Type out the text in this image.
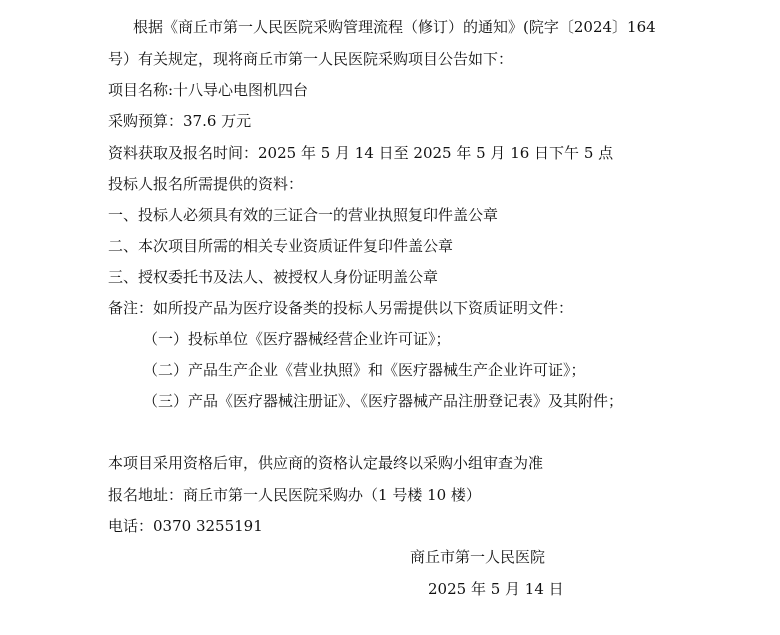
根据《商丘市第一人民医院采购管理流程（修订）的通知》(院字〔2024〕164
号）有关规定，现将商丘市第一人民医院采购项目公告如下：
项目名称:十八导心电图机四台
采购预算：37.6 万元
资料获取及报名时间：2025 年 5 月 14 日至 2025 年 5 月 16 日下午 5 点
投标人报名所需提供的资料：
一、投标人必须具有效的三证合一的营业执照复印件盖公章
二、本次项目所需的相关专业资质证件复印件盖公章
三、授权委托书及法人、被授权人身份证明盖公章
备注：如所投产品为医疗设备类的投标人另需提供以下资质证明文件：
（一）投标单位《医疗器械经营企业许可证》；
（二）产品生产企业《营业执照》和《医疗器械生产企业许可证》；
（三）产品《医疗器械注册证》、《医疗器械产品注册登记表》及其附件；
本项目采用资格后审，供应商的资格认定最终以采购小组审查为准
报名地址：商丘市第一人民医院采购办（1 号楼 10 楼）
电话：0370 3255191
商丘市第一人民医院
2025 年 5 月 14 日
